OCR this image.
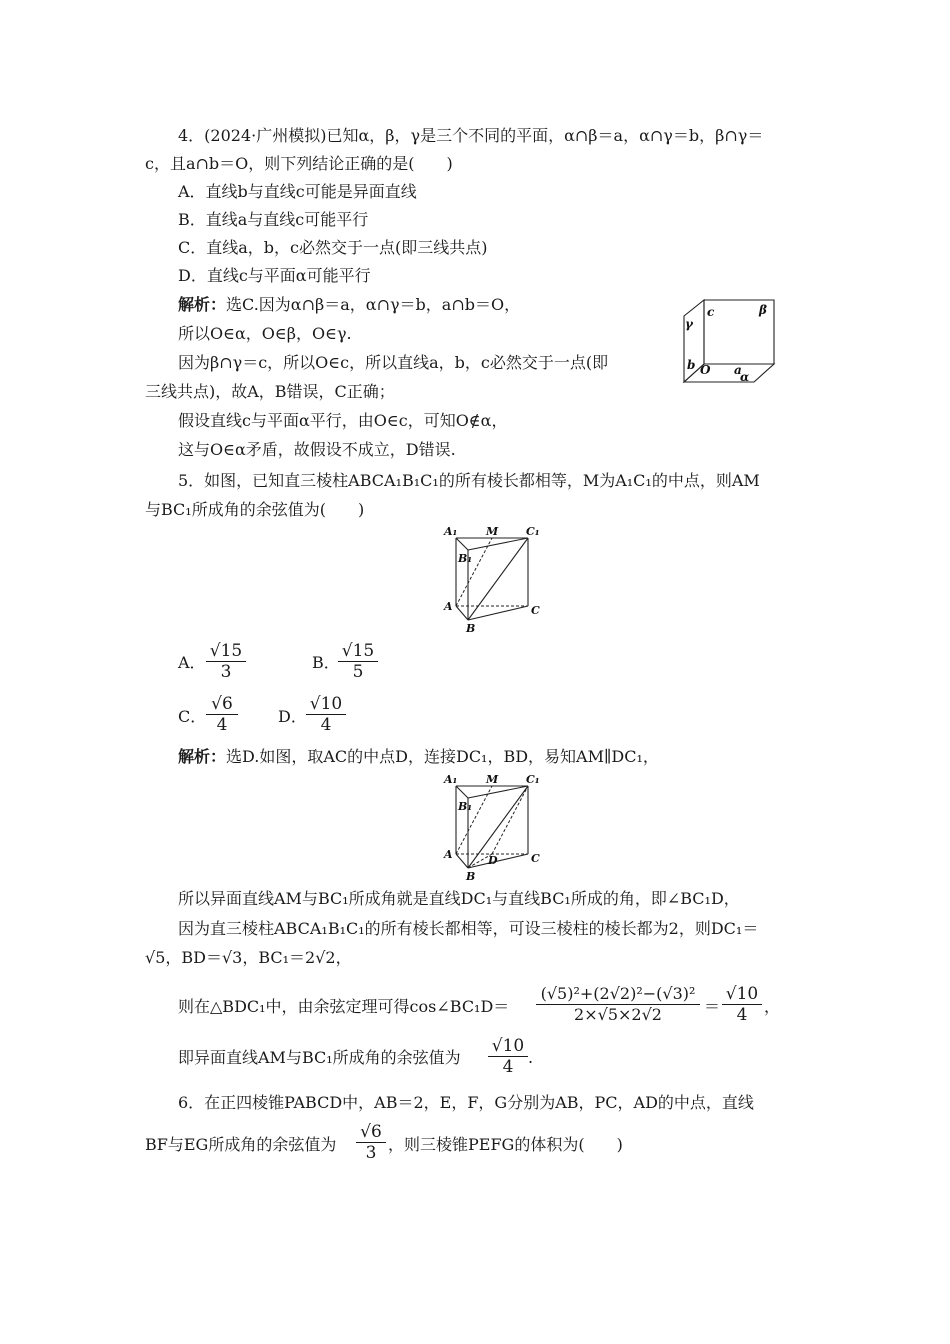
4．(2024·广州模拟)已知α，β，γ是三个不同的平面，α∩β＝a，α∩γ＝b，β∩γ＝
c，且a∩b＝O，则下列结论正确的是(　　)
A．直线b与直线c可能是异面直线
B．直线a与直线c可能平行
C．直线a，b，c必然交于一点(即三线共点)
D．直线c与平面α可能平行
解析：选C.因为α∩β＝a，α∩γ＝b，a∩b＝O，
所以O∈α，O∈β，O∈γ.
因为β∩γ＝c，所以O∈c，所以直线a，b，c必然交于一点(即
三线共点)，故A，B错误，C正确；
假设直线c与平面α平行，由O∈c，可知O∉α，
这与O∈α矛盾，故假设不成立，D错误.
β
γ
c
b O a
α
5．如图，已知直三棱柱ABCA₁B₁C₁的所有棱长都相等，M为A₁C₁的中点，则AM
与BC₁所成角的余弦值为(　　)
A₁	M	C₁
B₁
A	C
B
A． $\frac{√15}{3}$	B．
$\frac{√15}{5}$
C． $\frac{√6}{4}$	D． $\frac{√10}{4}$
解析：选D.如图，取AC的中点D，连接DC₁，BD，易知AM∥DC₁，
A₁	M	C₁
B₁
A	D	C
B
所以异面直线AM与BC₁所成角就是直线DC₁与直线BC₁所成的角，即∠BC₁D，
因为直三棱柱ABCA₁B₁C₁的所有棱长都相等，可设三棱柱的棱长都为2，则DC₁＝
√5，BD＝√3，BC₁＝2√2，
则在△BDC₁中，由余弦定理可得cos∠BC₁D＝ $\frac{\text{(√5)²+(2√2)²−(√3)²}}{2\times√5\times 2√2} = \frac{√10}{4}$ ，
即异面直线AM与BC₁所成角的余弦值为 $\frac{√10}{4}$ .
6．在正四棱锥PABCD中，AB＝2，E，F，G分别为AB，PC，AD的中点，直线
BF与EG所成角的余弦值为 $\frac{√6}{3}$ ，则三棱锥PEFG的体积为(　　)
